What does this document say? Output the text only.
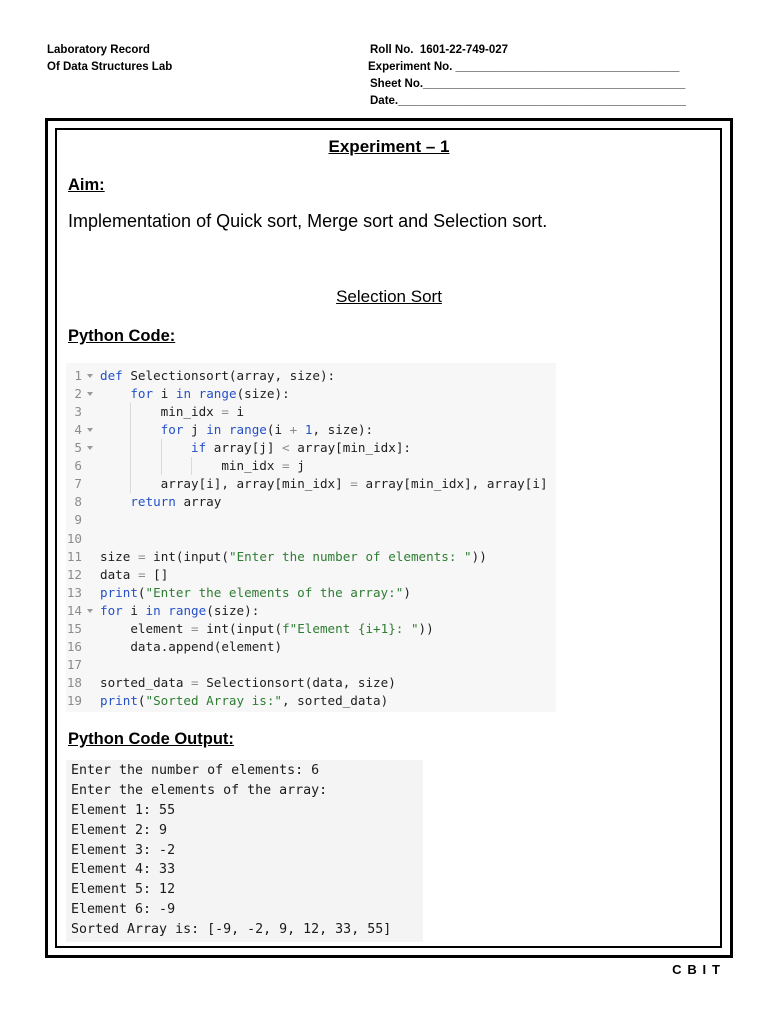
Laboratory Record
Of Data Structures Lab
Roll No.  1601-22-749-027
Experiment No. ___________________________________
Sheet No._________________________________________
Date._____________________________________________
Experiment – 1
Aim:
Implementation of Quick sort, Merge sort and Selection sort.
Selection Sort
Python Code:
1 def Selectionsort(array, size):
2	for i in range(size):
3	min_idx = i
4	for j in range(i + 1, size):
5	if array[j] < array[min_idx]:
6	min_idx = j
7	array[i], array[min_idx] = array[min_idx], array[i]
8	return array
9
10
11 size = int(input("Enter the number of elements: "))
12 data = []
13 print("Enter the elements of the array:")
14 for i in range(size):
15	element = int(input(f"Element {i+1}: "))
16	data.append(element)
17
18 sorted_data = Selectionsort(data, size)
19 print("Sorted Array is:", sorted_data)
Python Code Output:
Enter the number of elements: 6
Enter the elements of the array:
Element 1: 55
Element 2: 9
Element 3: -2
Element 4: 33
Element 5: 12
Element 6: -9
Sorted Array is: [-9, -2, 9, 12, 33, 55]
C B I T
